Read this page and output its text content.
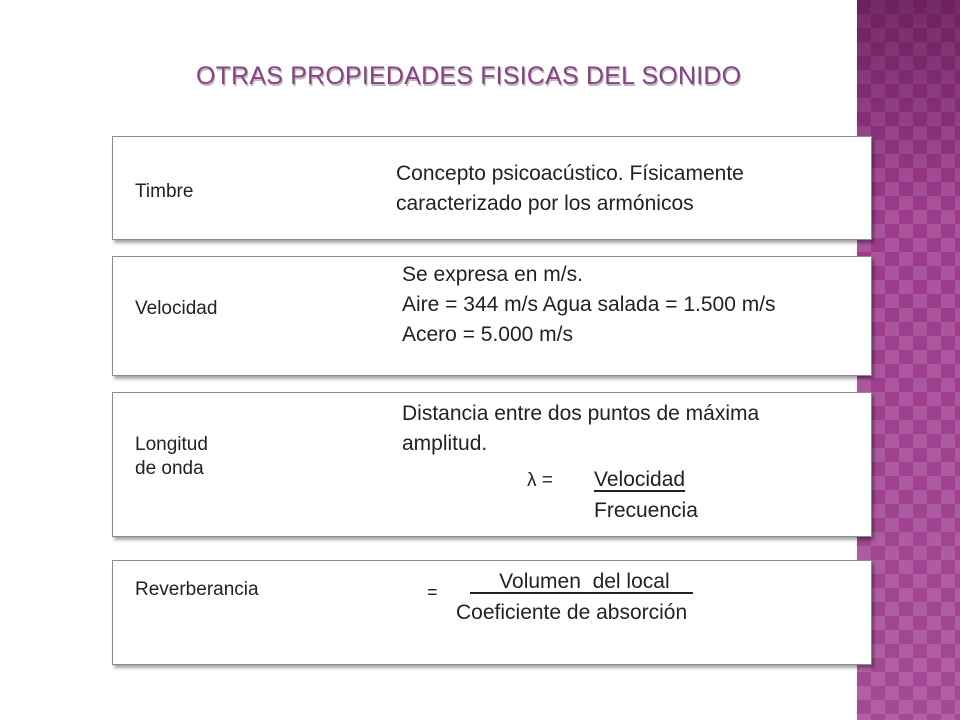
OTRAS PROPIEDADES FISICAS DEL SONIDO
Timbre
Concepto psicoacústico. Físicamente
caracterizado por los armónicos
Velocidad
Se expresa en m/s.
Aire = 344 m/s Agua salada = 1.500 m/s
Acero = 5.000 m/s
Longitud
de onda
Distancia entre dos puntos de máxima
amplitud.
λ = Velocidad
Frecuencia
Reverberancia	= Volumen  del local
Coeficiente de absorción
